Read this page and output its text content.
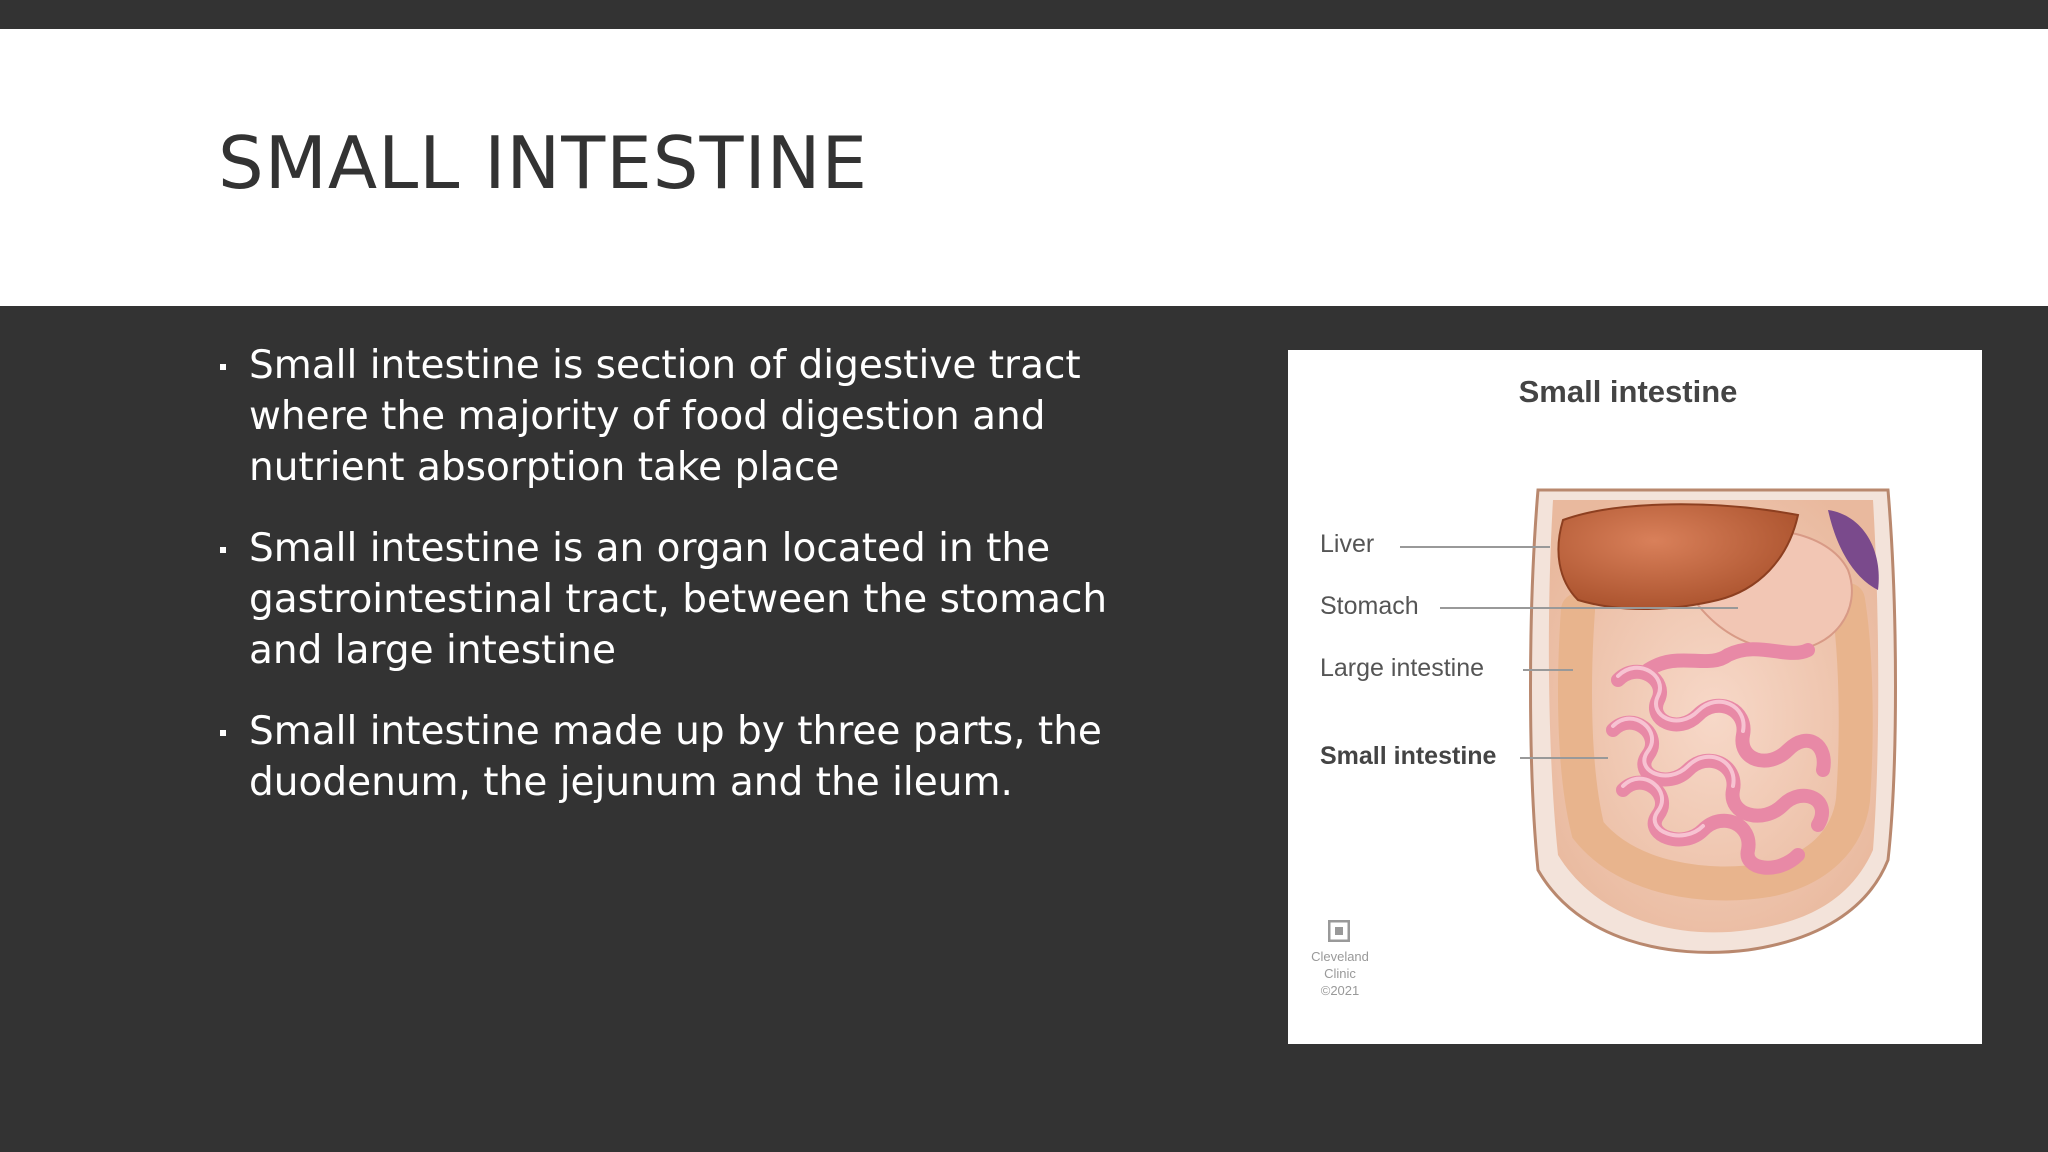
SMALL INTESTINE
Small intestine is section of digestive tract where the majority of food digestion and nutrient absorption take place
Small intestine is an organ located in the gastrointestinal tract, between the stomach and large intestine
Small intestine made up by three parts, the duodenum, the jejunum and the ileum.
Small intestine
Liver
Stomach
Large intestine
Small intestine
Cleveland
Clinic
©2021
